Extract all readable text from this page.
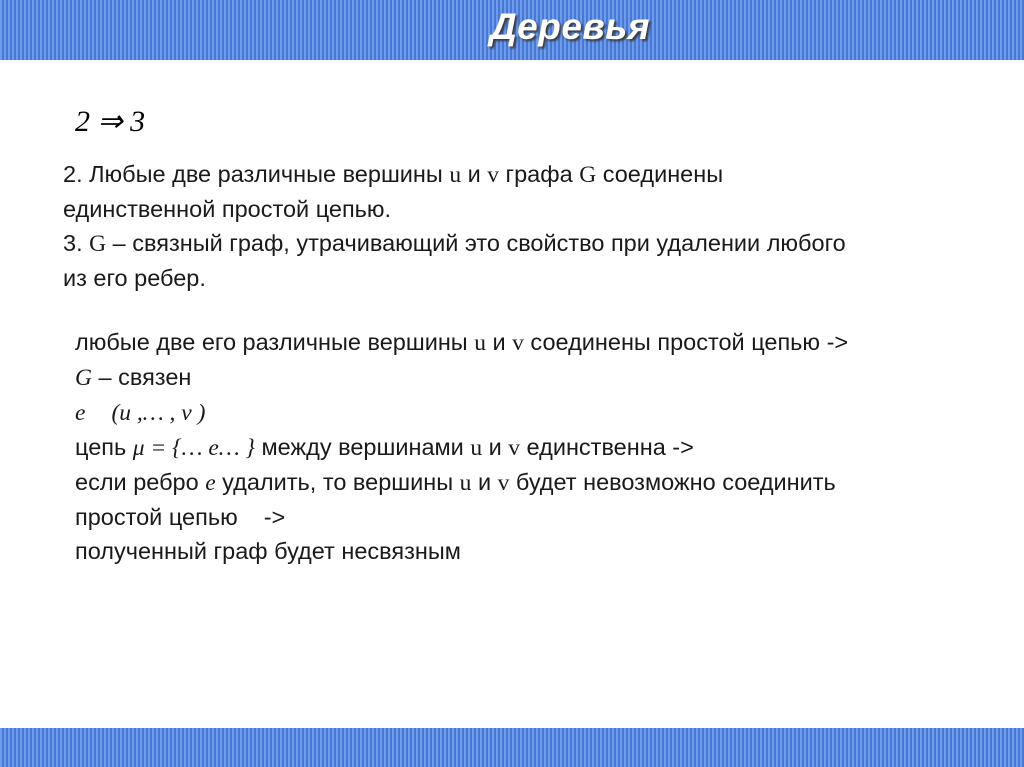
Деревья
2 ⇒ 3
2. Любые две различные вершины u и v графа G соединены
единственной простой цепью.
3. G – связный граф, утрачивающий это свойство при удалении любого
из его ребер.
любые две его различные вершины u и v соединены простой цепью ->
G – связен
e (u ,… , v )
цепь μ = {… e… } между вершинами u и v единственна ->
если ребро e удалить, то вершины u и v будет невозможно соединить
простой цепью ->
полученный граф будет несвязным
